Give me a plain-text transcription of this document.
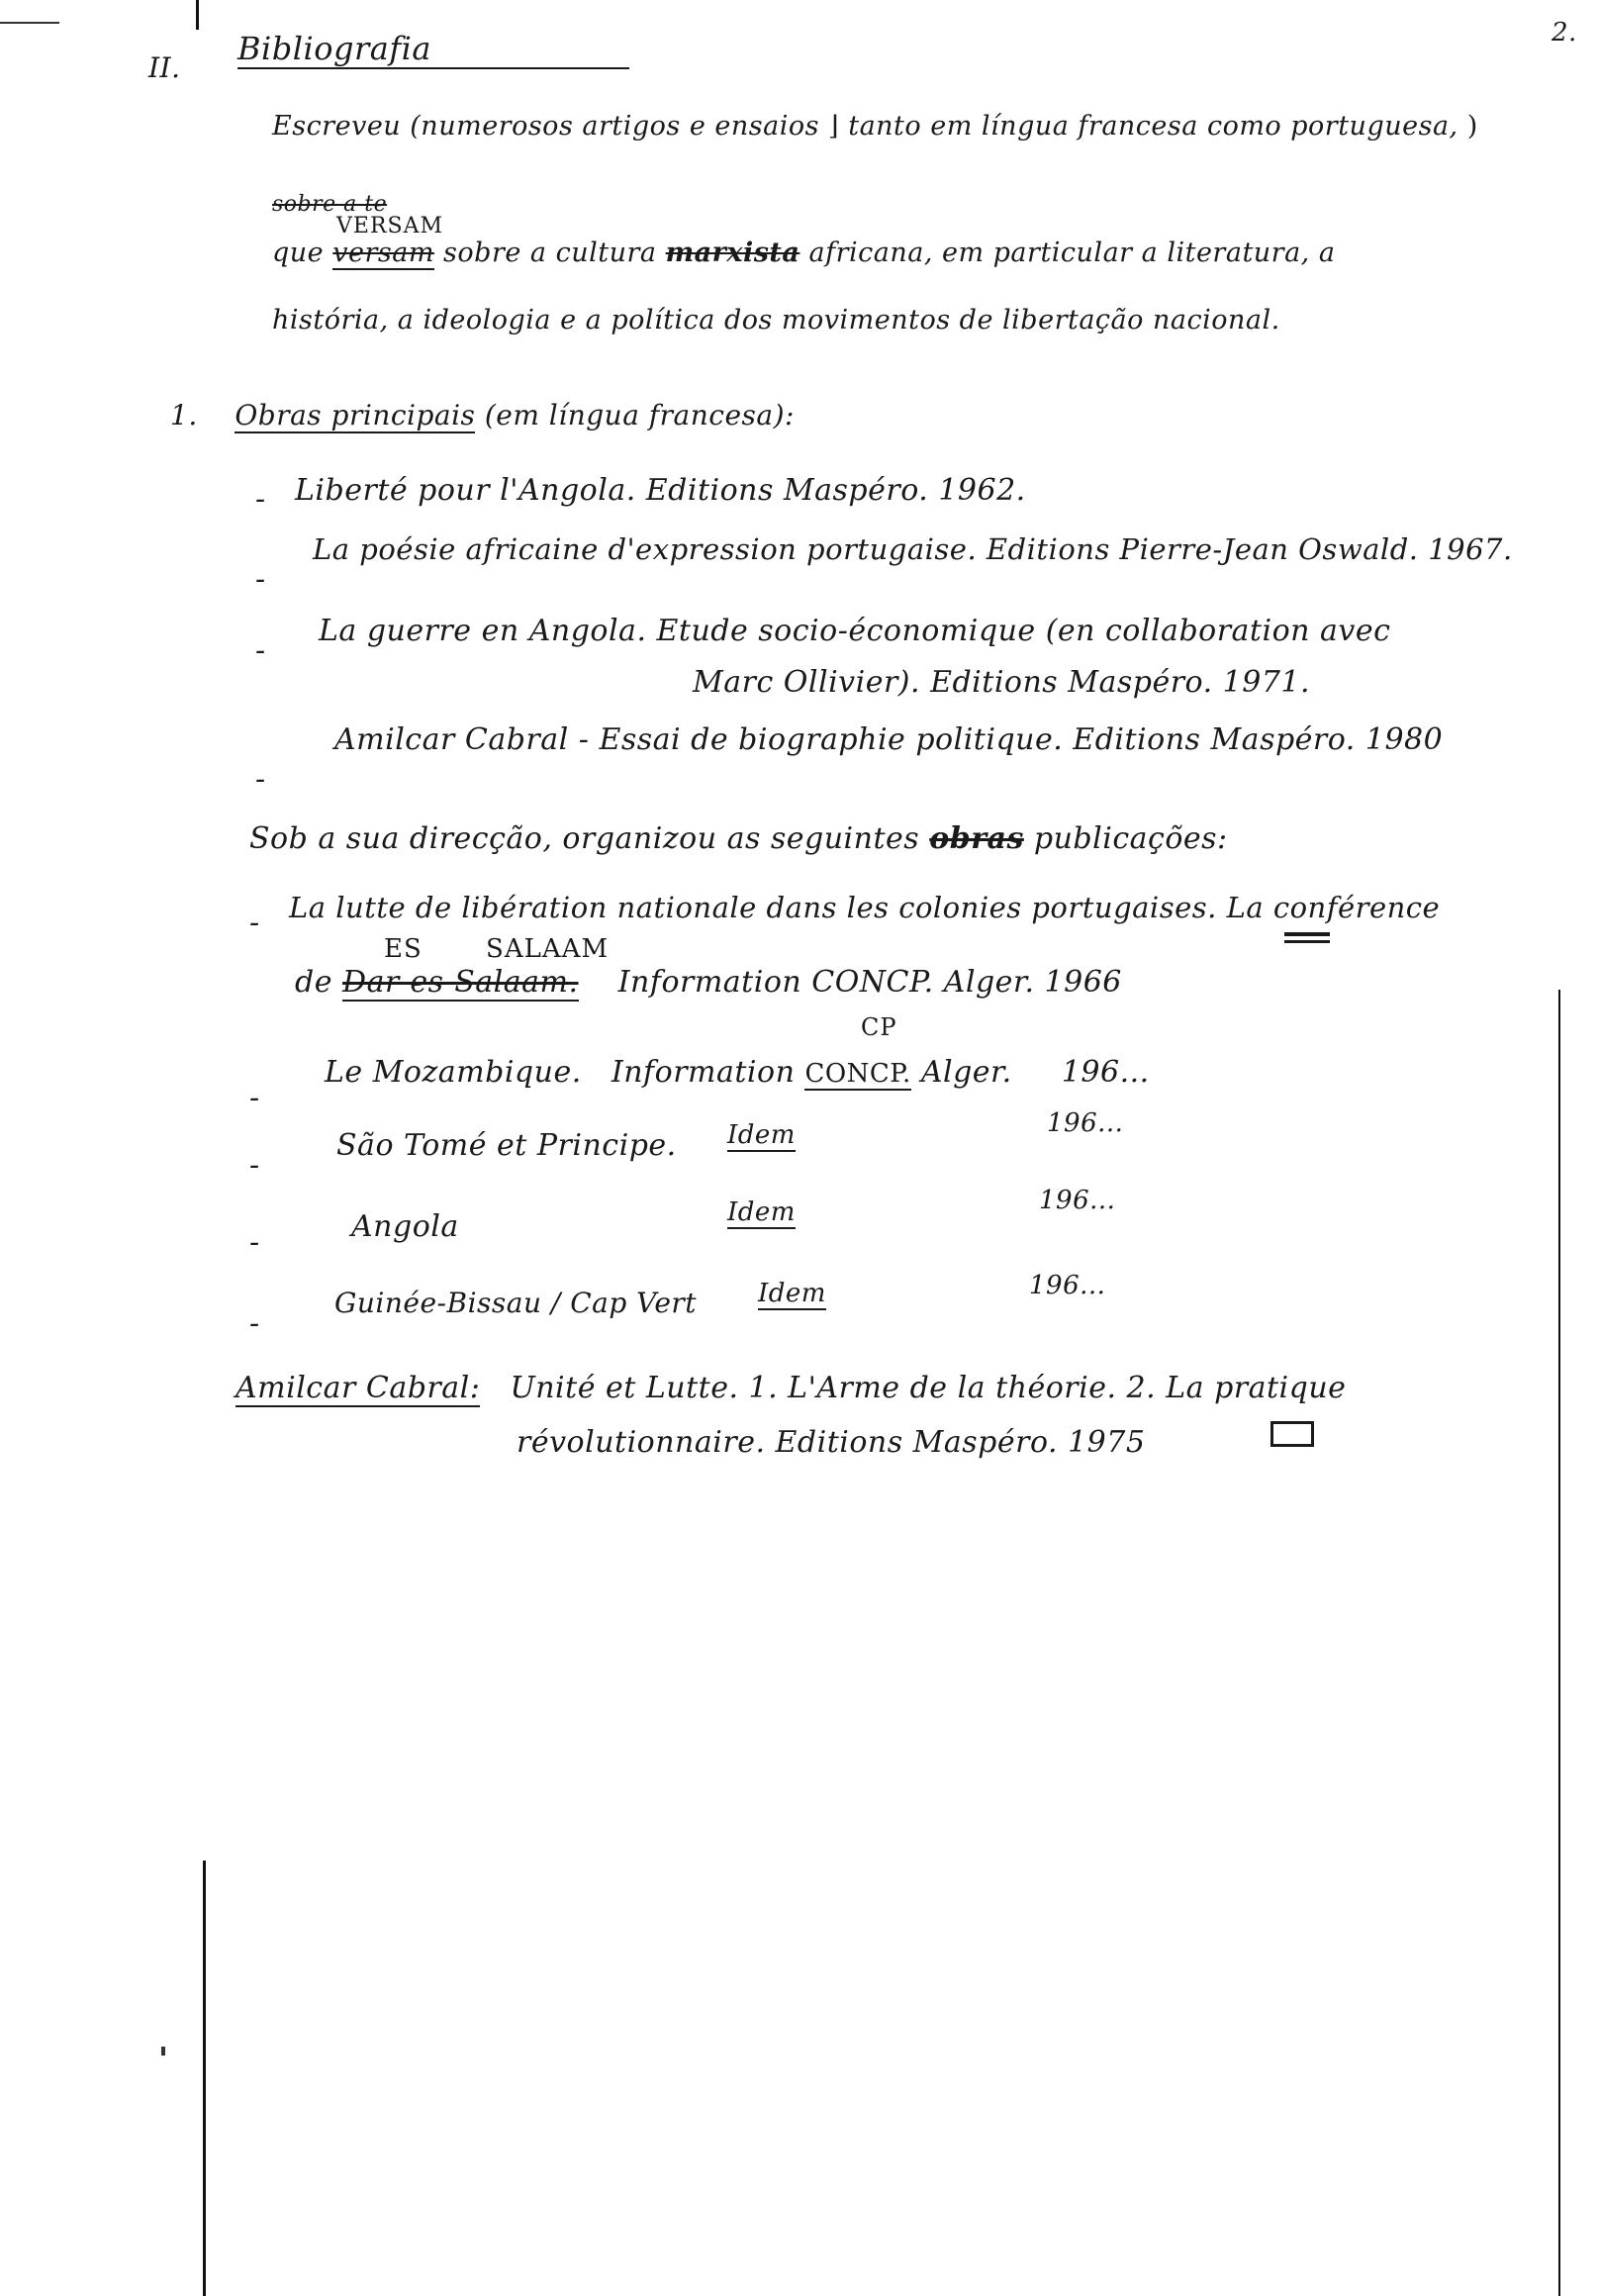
2.
II.
Bibliografia
Escreveu (numerosos artigos e ensaios ⌋ tanto em língua francesa como portuguesa, )
sobre a te
VERSAM
que versam sobre a cultura marxista africana, em particular a literatura, a
história, a ideologia e a política dos movimentos de libertação nacional.
1. Obras principais (em língua francesa):
- Liberté pour l'Angola. Editions Maspéro. 1962.
-
La poésie africaine d'expression portugaise. Editions Pierre-Jean Oswald. 1967.
-
La guerre en Angola. Etude socio-économique (en collaboration avec
Marc Ollivier). Editions Maspéro. 1971.
-
Amilcar Cabral - Essai de biographie politique. Editions Maspéro. 1980
Sob a sua direcção, organizou as seguintes obras publicações:
- La lutte de libération nationale dans les colonies portugaises. La conférence
ES SALAAM
de Dar-es-Salaam. Information CONCP. Alger. 1966
-
Le Mozambique. Information CONCP. Alger. 196...
CP
-
São Tomé et Principe. Idem	196...
-	Angola	Idem	196...
-
Guinée-Bissau / Cap Vert Idem	196...
Amilcar Cabral: Unité et Lutte. 1. L'Arme de la théorie. 2. La pratique
révolutionnaire. Editions Maspéro. 1975
